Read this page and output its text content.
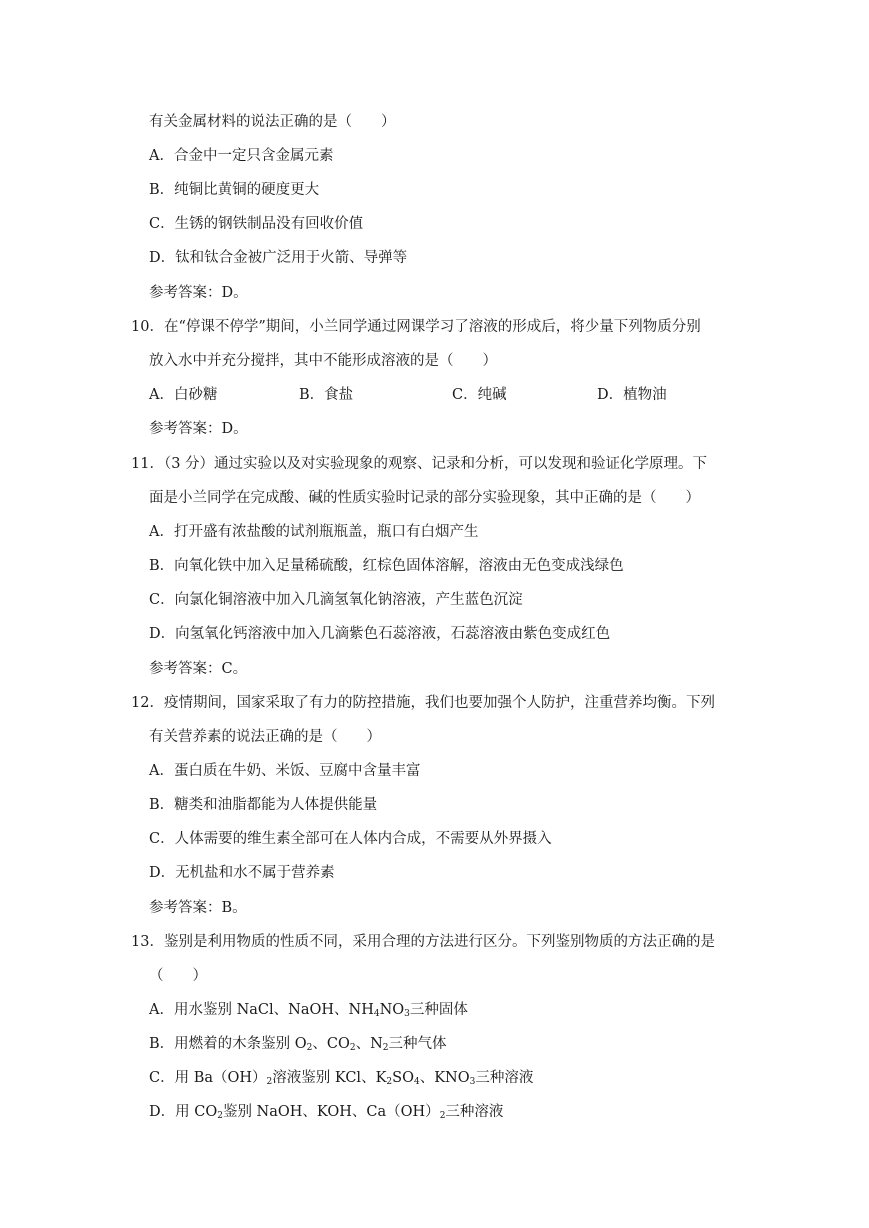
有关金属材料的说法正确的是（　　）
A．合金中一定只含金属元素
B．纯铜比黄铜的硬度更大
C．生锈的钢铁制品没有回收价值
D．钛和钛合金被广泛用于火箭、导弹等
参考答案：D。
10．在“停课不停学”期间，小兰同学通过网课学习了溶液的形成后，将少量下列物质分别
放入水中并充分搅拌，其中不能形成溶液的是（　　）
A．白砂糖	B．食盐	C．纯碱	D．植物油
参考答案：D。
11．（3 分）通过实验以及对实验现象的观察、记录和分析，可以发现和验证化学原理。下
面是小兰同学在完成酸、碱的性质实验时记录的部分实验现象，其中正确的是（　　）
A．打开盛有浓盐酸的试剂瓶瓶盖，瓶口有白烟产生
B．向氧化铁中加入足量稀硫酸，红棕色固体溶解，溶液由无色变成浅绿色
C．向氯化铜溶液中加入几滴氢氧化钠溶液，产生蓝色沉淀
D．向氢氧化钙溶液中加入几滴紫色石蕊溶液，石蕊溶液由紫色变成红色
参考答案：C。
12．疫情期间，国家采取了有力的防控措施，我们也要加强个人防护，注重营养均衡。下列
有关营养素的说法正确的是（　　）
A．蛋白质在牛奶、米饭、豆腐中含量丰富
B．糖类和油脂都能为人体提供能量
C．人体需要的维生素全部可在人体内合成，不需要从外界摄入
D．无机盐和水不属于营养素
参考答案：B。
13．鉴别是利用物质的性质不同，采用合理的方法进行区分。下列鉴别物质的方法正确的是
（　　）
A．用水鉴别 NaCl、NaOH、$NH_4NO_3$三种固体
B．用燃着的木条鉴别 $O_2$、$CO_2$、$N_2$三种气体
C．用 $Ba(OH)_2$溶液鉴别 KCl、$K_2SO_4$、$KNO_3$三种溶液
D．用 $CO_2$鉴别 NaOH、KOH、$Ca(OH)_2$三种溶液
